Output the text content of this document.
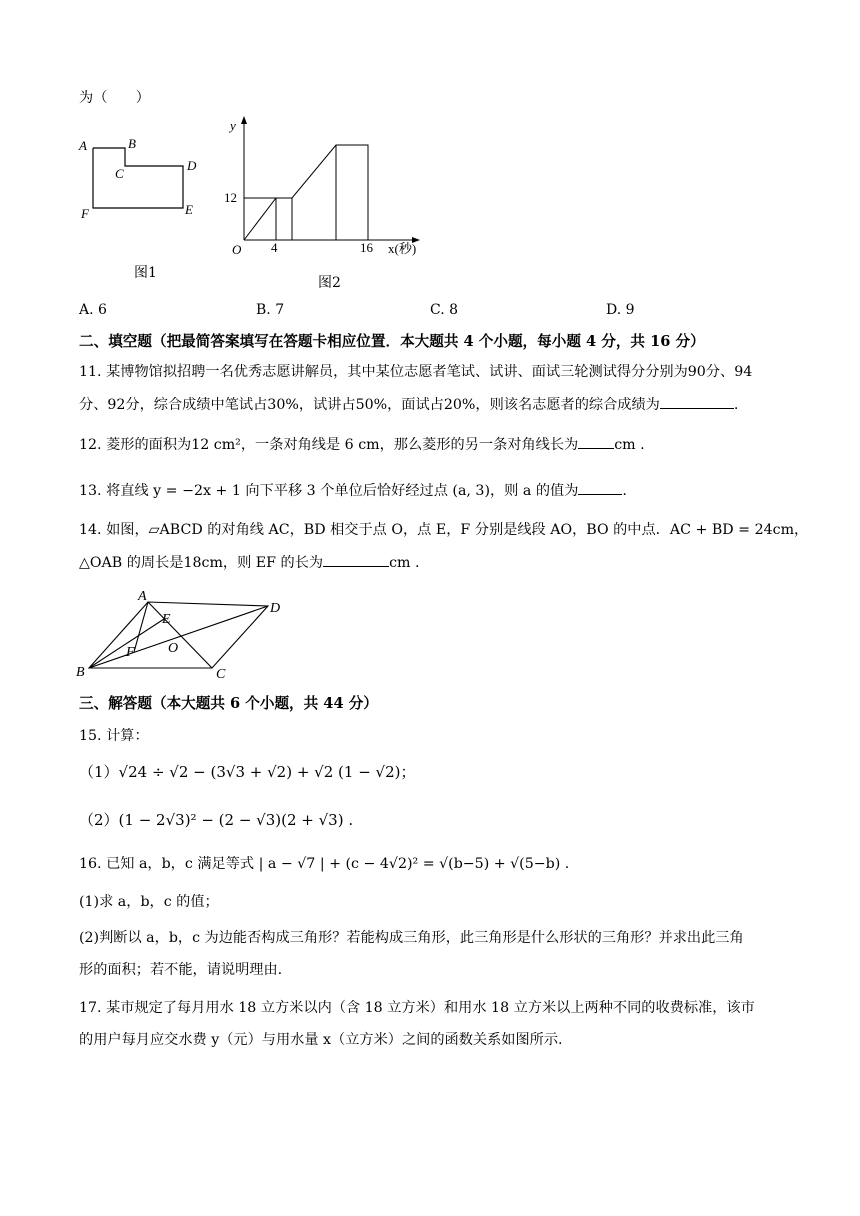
为（　　）
A	B
C
D
E
F
图1
y
x(秒)
O
12
4	16
图2
A. 6	B. 7	C. 8	D. 9
二、填空题（把最简答案填写在答题卡相应位置．本大题共 4 个小题，每小题 4 分，共 16 分）
11. 某博物馆拟招聘一名优秀志愿讲解员，其中某位志愿者笔试、试讲、面试三轮测试得分分别为90分、94
分、92分，综合成绩中笔试占30%，试讲占50%，面试占20%，则该名志愿者的综合成绩为	.
12. 菱形的面积为12 cm²，一条对角线是 6 cm，那么菱形的另一条对角线长为	cm .
13. 将直线 y = −2x + 1 向下平移 3 个单位后恰好经过点 (a, 3)，则 a 的值为	.
14. 如图，▱ABCD 的对角线 AC，BD 相交于点 O，点 E，F 分别是线段 AO，BO 的中点．AC + BD = 24cm，
△OAB 的周长是18cm，则 EF 的长为	cm .
A
B	C
D
E
F O
三、解答题（本大题共 6 个小题，共 44 分）
15. 计算：
（1）√24 ÷ √2 − (3√3 + √2) + √2 (1 − √2)；
（2）(1 − 2√3)² − (2 − √3)(2 + √3) .
16. 已知 a，b，c 满足等式 | a − √7 | + (c − 4√2)² = √(b−5) + √(5−b) .
(1)求 a，b，c 的值；
(2)判断以 a，b，c 为边能否构成三角形？若能构成三角形，此三角形是什么形状的三角形？并求出此三角
形的面积；若不能，请说明理由.
17. 某市规定了每月用水 18 立方米以内（含 18 立方米）和用水 18 立方米以上两种不同的收费标准，该市
的用户每月应交水费 y（元）与用水量 x（立方米）之间的函数关系如图所示.
